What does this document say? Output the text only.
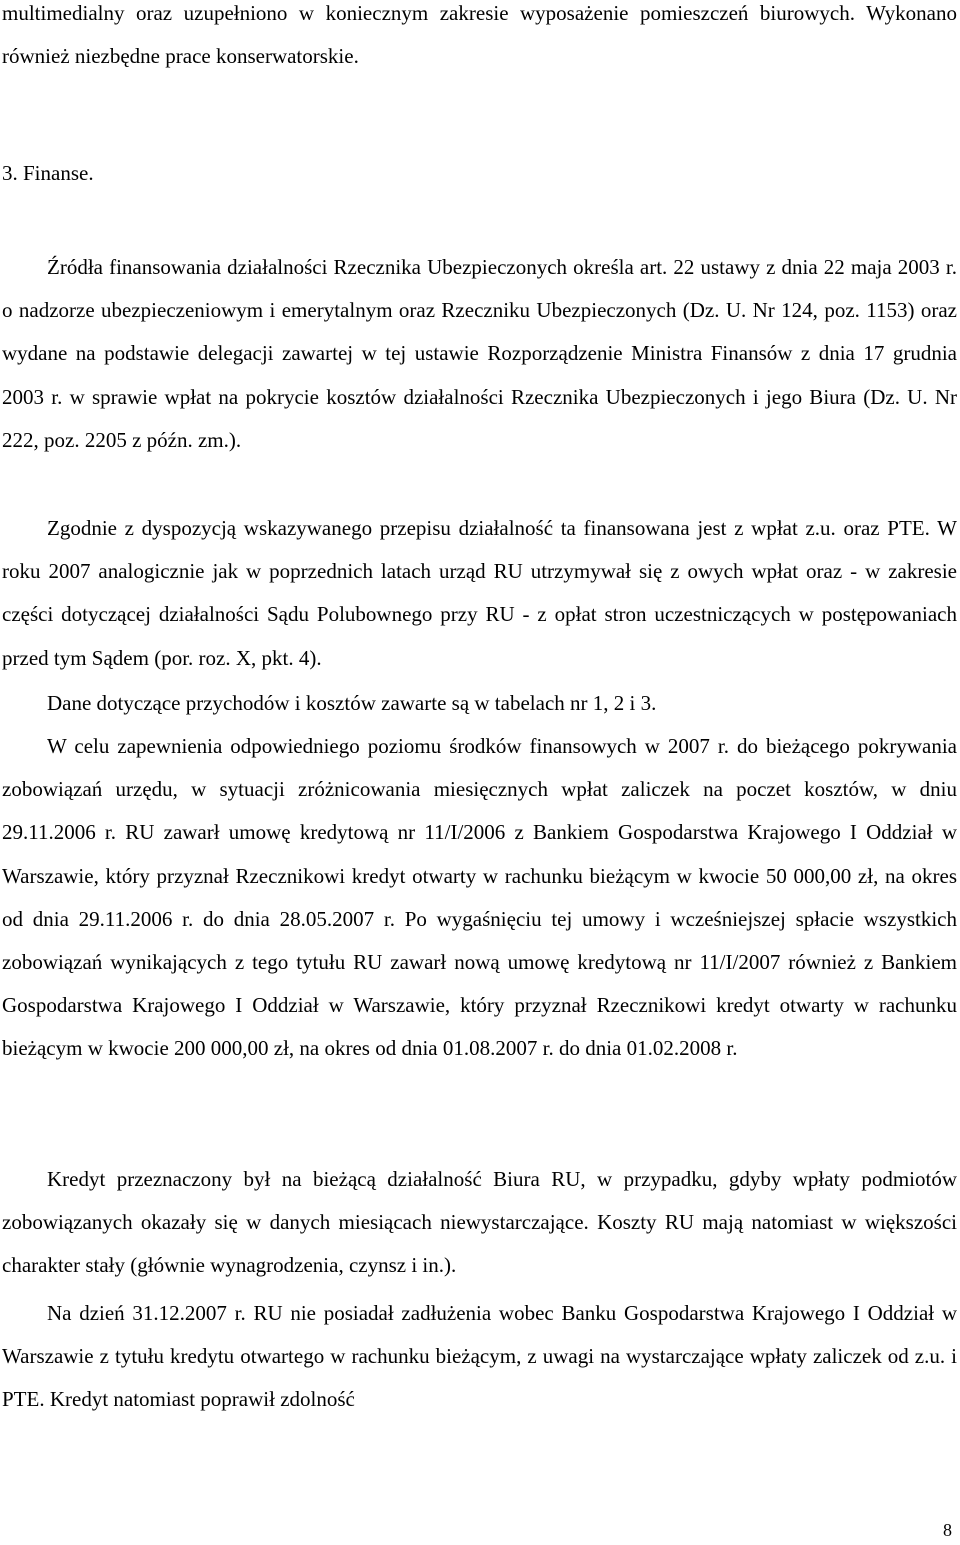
multimedialny oraz uzupełniono w koniecznym zakresie wyposażenie pomieszczeń biurowych. Wykonano również niezbędne prace konserwatorskie.

3. Finanse.

Źródła finansowania działalności Rzecznika Ubezpieczonych określa art. 22 ustawy z dnia 22 maja 2003 r. o nadzorze ubezpieczeniowym i emerytalnym oraz Rzeczniku Ubezpieczonych (Dz. U. Nr 124, poz. 1153) oraz wydane na podstawie delegacji zawartej w tej ustawie Rozporządzenie Ministra Finansów z dnia 17 grudnia 2003 r. w sprawie wpłat na pokrycie kosztów działalności Rzecznika Ubezpieczonych i jego Biura (Dz. U. Nr 222, poz. 2205 z późn. zm.).

Zgodnie z dyspozycją wskazywanego przepisu działalność ta finansowana jest z wpłat z.u. oraz PTE. W roku 2007 analogicznie jak w poprzednich latach urząd RU utrzymywał się z owych wpłat oraz - w zakresie części dotyczącej działalności Sądu Polubownego przy RU - z opłat stron uczestniczących w postępowaniach przed tym Sądem (por. roz. X, pkt. 4).

Dane dotyczące przychodów i kosztów zawarte są w tabelach nr 1, 2 i 3.

W celu zapewnienia odpowiedniego poziomu środków finansowych w 2007 r. do bieżącego pokrywania zobowiązań urzędu, w sytuacji zróżnicowania miesięcznych wpłat zaliczek na poczet kosztów, w dniu 29.11.2006 r. RU zawarł umowę kredytową nr 11/I/2006 z Bankiem Gospodarstwa Krajowego I Oddział w Warszawie, który przyznał Rzecznikowi kredyt otwarty w rachunku bieżącym w kwocie 50 000,00 zł, na okres od dnia 29.11.2006 r. do dnia 28.05.2007 r. Po wygaśnięciu tej umowy i wcześniejszej spłacie wszystkich zobowiązań wynikających z tego tytułu RU zawarł nową umowę kredytową nr 11/I/2007 również z Bankiem Gospodarstwa Krajowego I Oddział w Warszawie, który przyznał Rzecznikowi kredyt otwarty w rachunku bieżącym w kwocie 200 000,00 zł, na okres od dnia 01.08.2007 r. do dnia 01.02.2008 r.

Kredyt przeznaczony był na bieżącą działalność Biura RU, w przypadku, gdyby wpłaty podmiotów zobowiązanych okazały się w danych miesiącach niewystarczające. Koszty RU mają natomiast w większości charakter stały (głównie wynagrodzenia, czynsz i in.).

Na dzień 31.12.2007 r. RU nie posiadał zadłużenia wobec Banku Gospodarstwa Krajowego I Oddział w Warszawie z tytułu kredytu otwartego w rachunku bieżącym, z uwagi na wystarczające wpłaty zaliczek od z.u. i PTE. Kredyt natomiast poprawił zdolność

8
